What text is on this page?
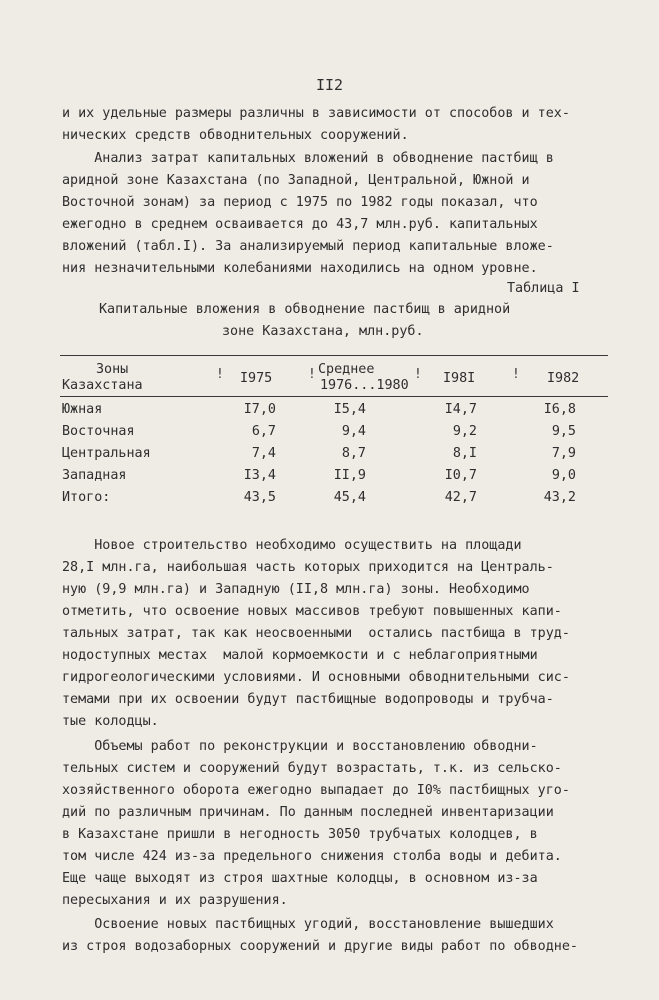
II2
и их удельные размеры различны в зависимости от способов и тех-
нических средств обводнительных сооружений.
Анализ затрат капитальных вложений в обводнение пастбищ в
аридной зоне Казахстана (по Западной, Центральной, Южной и
Восточной зонам) за период с 1975 по 1982 годы показал, что
ежегодно в среднем осваивается до 43,7 млн.руб. капитальных
вложений (табл.I). За анализируемый период капитальные вложе-
ния незначительными колебаниями находились на одном уровне.
Таблица I
Капитальные вложения в обводнение пастбищ в аридной
зоне Казахстана, млн.руб.
Зоны
Казахстана
! I975	! Среднее
1976...1980
! I98I	! I982
Южная	I7,0	I5,4	I4,7	I6,8
Восточная	6,7	9,4	9,2	9,5
Центральная	7,4	8,7	8,I	7,9
Западная	I3,4	II,9	I0,7	9,0
Итого:	43,5	45,4	42,7	43,2
Новое строительство необходимо осуществить на площади
28,I млн.га, наибольшая часть которых приходится на Централь-
ную (9,9 млн.га) и Западную (II,8 млн.га) зоны. Необходимо
отметить, что освоение новых массивов требуют повышенных капи-
тальных затрат, так как неосвоенными  остались пастбища в труд-
нодоступных местах  малой кормоемкости и с неблагоприятными
гидрогеологическими условиями. И основными обводнительными сис-
темами при их освоении будут пастбищные водопроводы и трубча-
тые колодцы.
Объемы работ по реконструкции и восстановлению обводни-
тельных систем и сооружений будут возрастать, т.к. из сельско-
хозяйственного оборота ежегодно выпадает до I0% пастбищных уго-
дий по различным причинам. По данным последней инвентаризации
в Казахстане пришли в негодность 3050 трубчатых колодцев, в
том числе 424 из-за предельного снижения столба воды и дебита.
Еще чаще выходят из строя шахтные колодцы, в основном из-за
пересыхания и их разрушения.
Освоение новых пастбищных угодий, восстановление вышедших
из строя водозаборных сооружений и другие виды работ по обводне-
